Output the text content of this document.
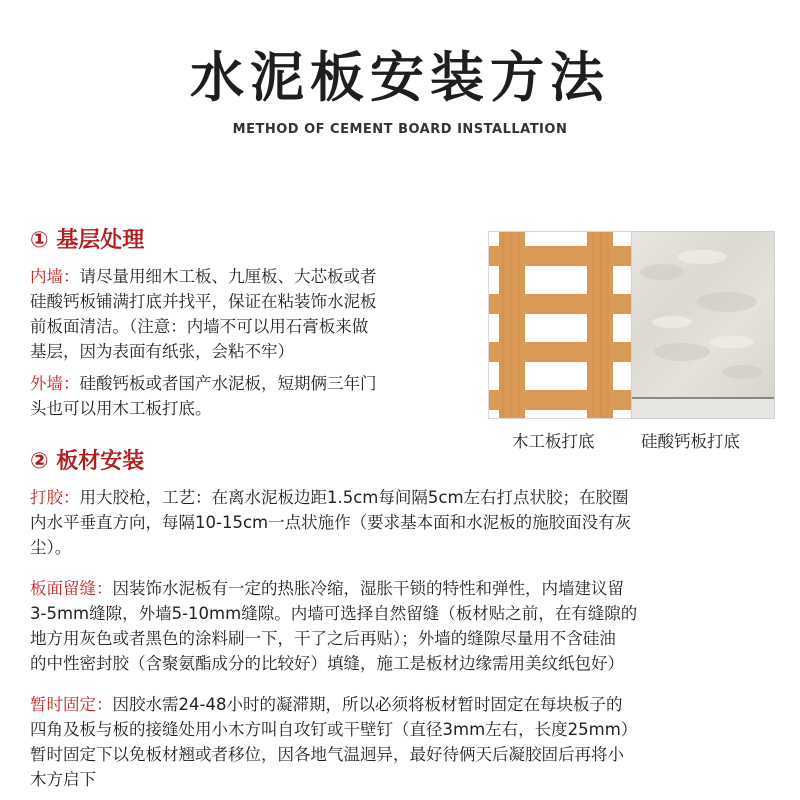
水泥板安装方法
METHOD OF CEMENT BOARD INSTALLATION
① 基层处理

内墙：请尽量用细木工板、九厘板、大芯板或者
硅酸钙板铺满打底并找平，保证在粘装饰水泥板
前板面清洁。（注意：内墙不可以用石膏板来做
基层，因为表面有纸张，会粘不牢）

外墙：硅酸钙板或者国产水泥板，短期俩三年门
头也可以用木工板打底。

木工板打底	硅酸钙板打底
② 板材安装

打胶：用大胶枪，工艺：在离水泥板边距1.5cm每间隔5cm左右打点状胶；在胶圈
内水平垂直方向，每隔10-15cm一点状施作（要求基本面和水泥板的施胶面没有灰
尘）。

板面留缝：因装饰水泥板有一定的热胀冷缩，湿胀干锁的特性和弹性，内墙建议留
3-5mm缝隙，外墙5-10mm缝隙。内墙可选择自然留缝（板材贴之前，在有缝隙的
地方用灰色或者黑色的涂料刷一下，干了之后再贴）；外墙的缝隙尽量用不含硅油
的中性密封胶（含聚氨酯成分的比较好）填缝，施工是板材边缘需用美纹纸包好）

暂时固定：因胶水需24-48小时的凝滞期，所以必须将板材暂时固定在每块板子的
四角及板与板的接缝处用小木方叫自攻钉或干壁钉（直径3mm左右，长度25mm）
暂时固定下以免板材翘或者移位，因各地气温迥异，最好待俩天后凝胶固后再将小
木方启下
